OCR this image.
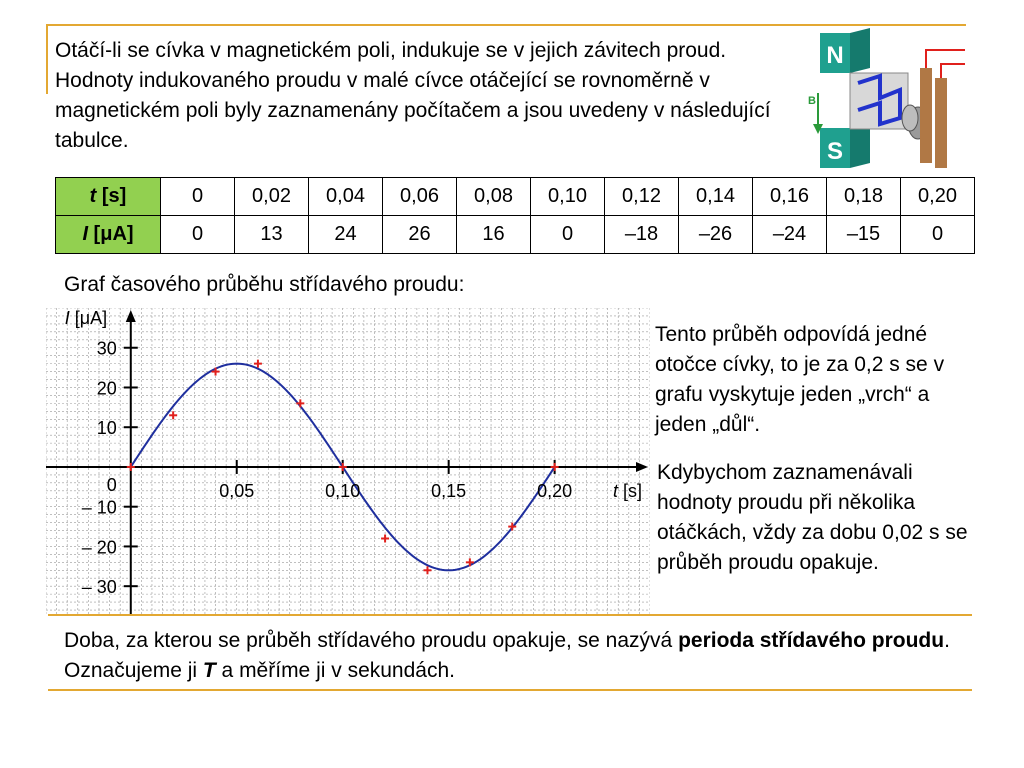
Otáčí-li se cívka v magnetickém poli, indukuje se v jejich závitech proud. Hodnoty indukovaného proudu v malé cívce otáčející se rovnoměrně v magnetickém poli byly zaznamenány počítačem a jsou uvedeny v následující tabulce.

N
S
B
t [s]	0	0,02	0,04	0,06	0,08	0,10	0,12	0,14	0,16	0,18	0,20
I [μA]	0	13	24	26	16	0	–18	–26	–24	–15	0

Graf časového průběhu střídavého proudu:

0,05	0,10	0,15	0,20
30
20
10
– 10
– 20
– 30
0
I [μA]
t [s]

Tento průběh odpovídá jedné otočce cívky, to je za 0,2 s se v grafu vyskytuje jeden „vrch“ a jeden „důl“.

Kdybychom zaznamenávali hodnoty proudu při několika otáčkách, vždy za dobu 0,02 s se průběh proudu opakuje.

Doba, za kterou se průběh střídavého proudu opakuje, se nazývá perioda střídavého proudu. Označujeme ji T a měříme ji v sekundách.
